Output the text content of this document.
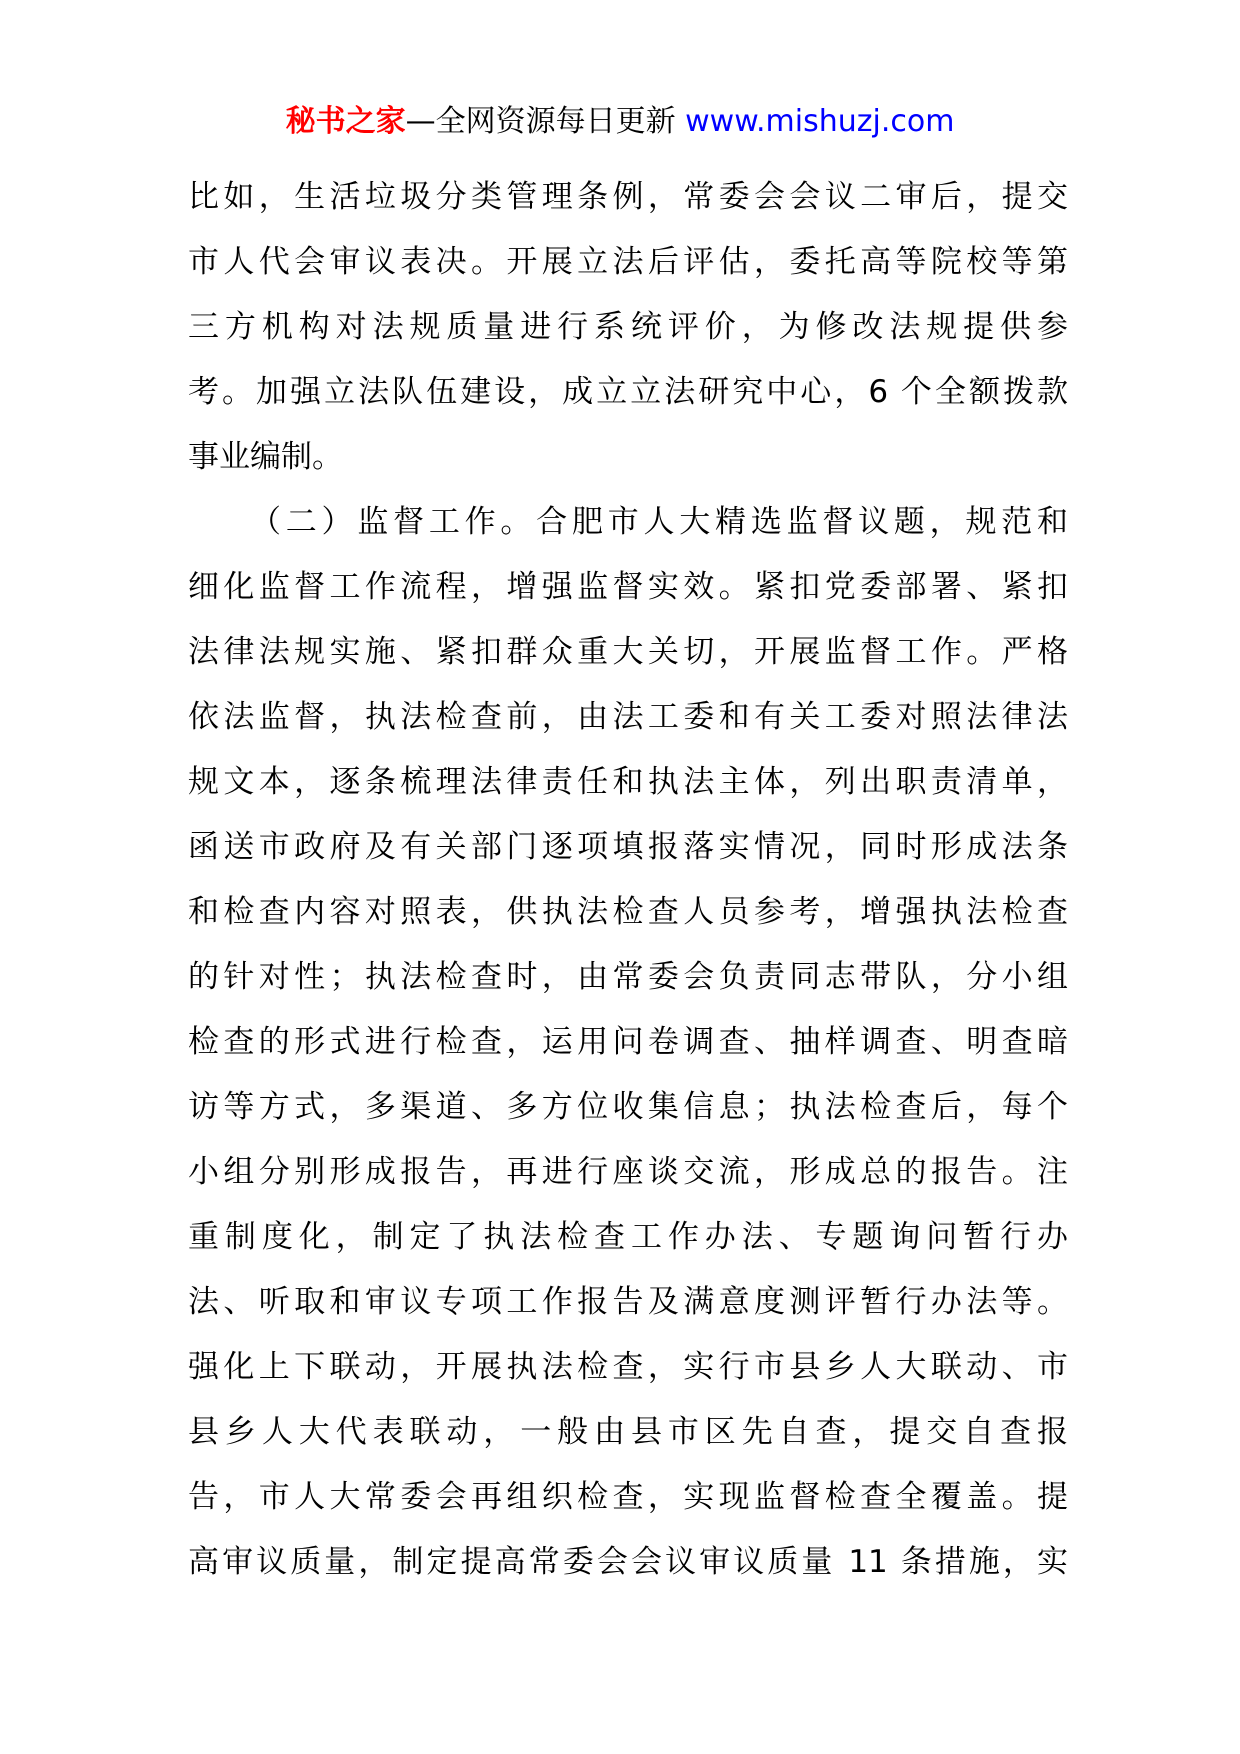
秘书之家—全网资源每日更新 www.mishuzj.com
比如，生活垃圾分类管理条例，常委会会议二审后，提交
市人代会审议表决。开展立法后评估，委托高等院校等第
三方机构对法规质量进行系统评价，为修改法规提供参
考。加强立法队伍建设，成立立法研究中心，6 个全额拨款
事业编制。
（二）监督工作。合肥市人大精选监督议题，规范和
细化监督工作流程，增强监督实效。紧扣党委部署、紧扣
法律法规实施、紧扣群众重大关切，开展监督工作。严格
依法监督，执法检查前，由法工委和有关工委对照法律法
规文本，逐条梳理法律责任和执法主体，列出职责清单，
函送市政府及有关部门逐项填报落实情况，同时形成法条
和检查内容对照表，供执法检查人员参考，增强执法检查
的针对性；执法检查时，由常委会负责同志带队，分小组
检查的形式进行检查，运用问卷调查、抽样调查、明查暗
访等方式，多渠道、多方位收集信息；执法检查后，每个
小组分别形成报告，再进行座谈交流，形成总的报告。注
重制度化，制定了执法检查工作办法、专题询问暂行办
法、听取和审议专项工作报告及满意度测评暂行办法等。
强化上下联动，开展执法检查，实行市县乡人大联动、市
县乡人大代表联动，一般由县市区先自查，提交自查报
告，市人大常委会再组织检查，实现监督检查全覆盖。提
高审议质量，制定提高常委会会议审议质量 11 条措施，实
